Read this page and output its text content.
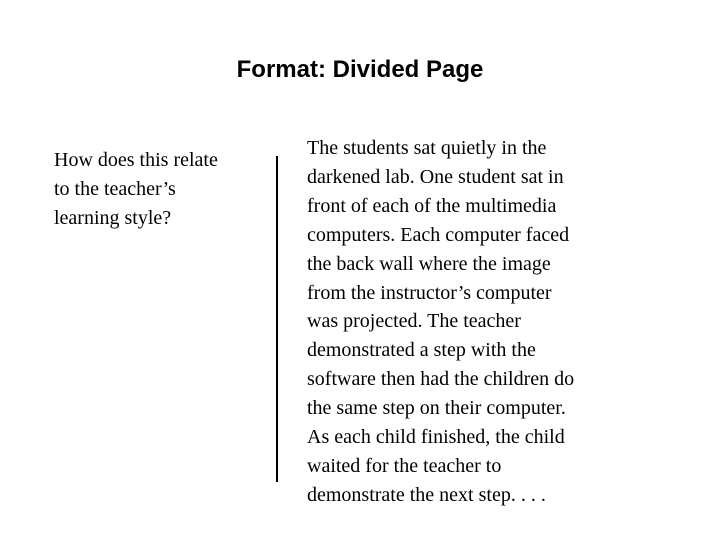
Format: Divided Page
How does this relate
to the teacher’s
learning style?
The students sat quietly in the
darkened lab. One student sat in
front of each of the multimedia
computers. Each computer faced
the back wall where the image
from the instructor’s computer
was projected. The teacher
demonstrated a step with the
software then had the children do
the same step on their computer.
As each child finished, the child
waited for the teacher to
demonstrate the next step. . . .
